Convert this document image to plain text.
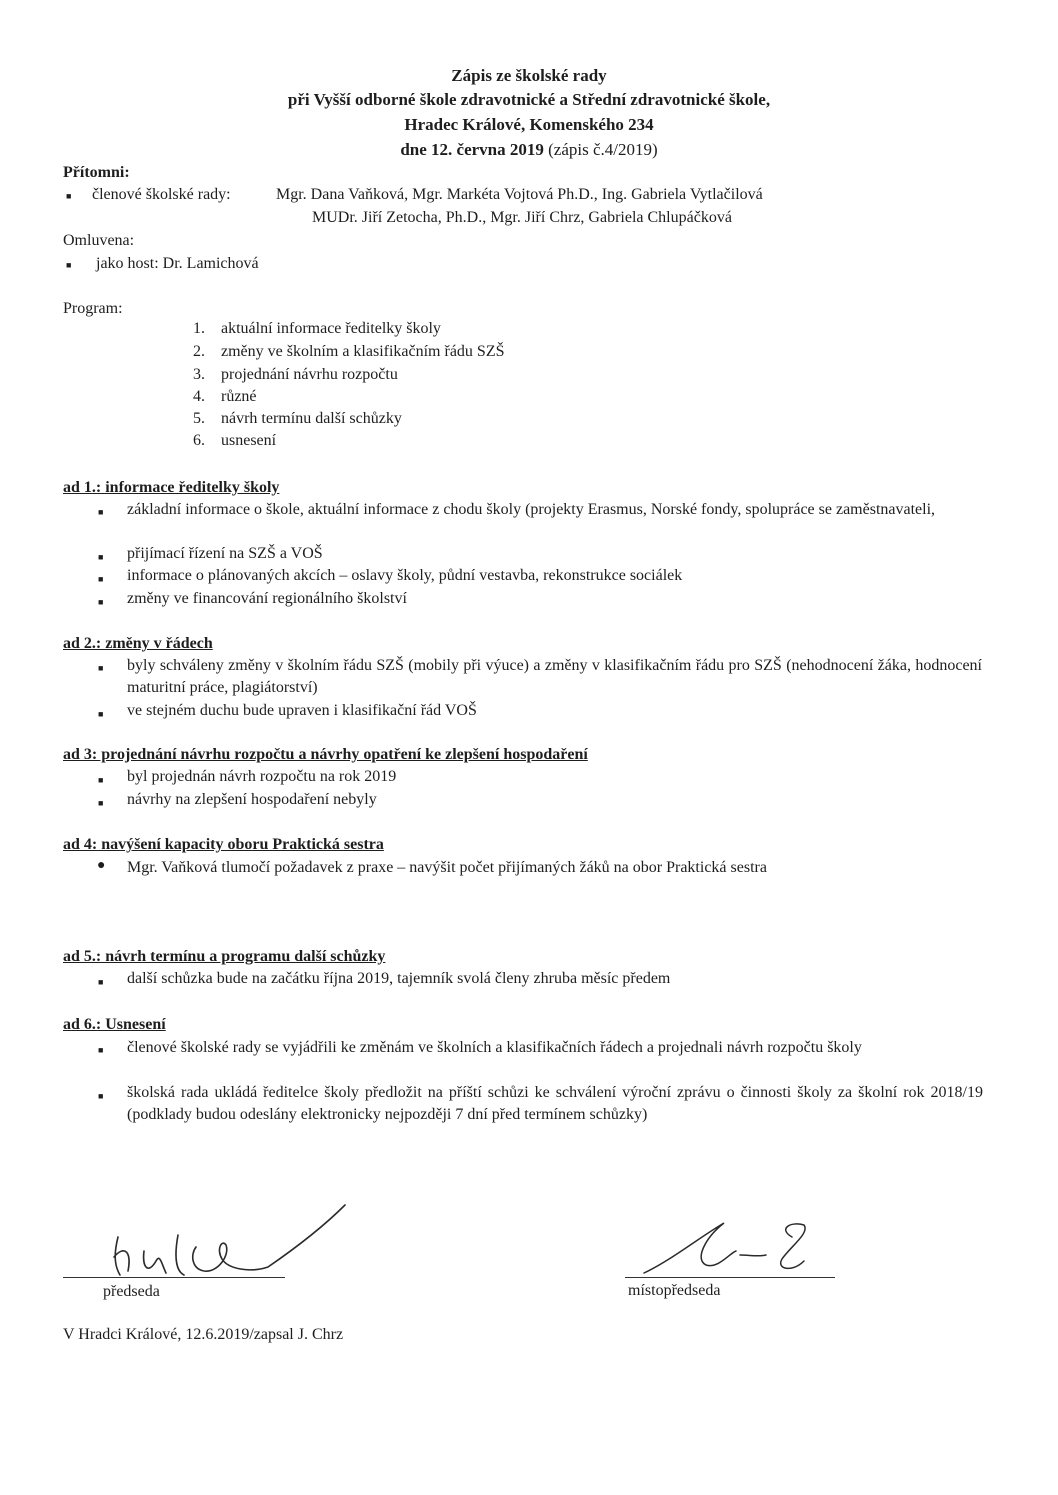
Zápis ze školské rady
při Vyšší odborné škole zdravotnické a Střední zdravotnické škole,
Hradec Králové, Komenského 234
dne 12. června 2019 (zápis č.4/2019)
Přítomni:
■ členové školské rady:	Mgr. Dana Vaňková, Mgr. Markéta Vojtová Ph.D., Ing. Gabriela Vytlačilová
MUDr. Jiří Zetocha, Ph.D., Mgr. Jiří Chrz, Gabriela Chlupáčková
Omluvena:
■ jako host: Dr. Lamichová
Program:
1. aktuální informace ředitelky školy
2. změny ve školním a klasifikačním řádu SZŠ
3. projednání návrhu rozpočtu
4. různé
5. návrh termínu další schůzky
6. usnesení
ad 1.: informace ředitelky školy
■ základní informace o škole, aktuální informace z chodu školy (projekty Erasmus, Norské fondy, spolupráce se zaměstnavateli,
■ přijímací řízení na SZŠ a VOŠ
■ informace o plánovaných akcích – oslavy školy, půdní vestavba, rekonstrukce sociálek
■ změny ve financování regionálního školství
ad 2.: změny v řádech
■ byly schváleny změny v školním řádu SZŠ (mobily při výuce) a změny v klasifikačním řádu pro SZŠ (nehodnocení žáka, hodnocení maturitní práce, plagiátorství)
■ ve stejném duchu bude upraven i klasifikační řád VOŠ
ad 3: projednání návrhu rozpočtu a návrhy opatření ke zlepšení hospodaření
■ byl projednán návrh rozpočtu na rok 2019
■ návrhy na zlepšení hospodaření nebyly
ad 4: navýšení kapacity oboru Praktická sestra
● Mgr. Vaňková tlumočí požadavek z praxe – navýšit počet přijímaných žáků na obor Praktická sestra
ad 5.: návrh termínu a programu další schůzky
■ další schůzka bude na začátku října 2019, tajemník svolá členy zhruba měsíc předem
ad 6.: Usnesení
■ členové školské rady se vyjádřili ke změnám ve školních a klasifikačních řádech a projednali návrh rozpočtu školy
■ školská rada ukládá ředitelce školy předložit na příští schůzi ke schválení výroční zprávu o činnosti školy za školní rok 2018/19 (podklady budou odeslány elektronicky nejpozději 7 dní před termínem schůzky)
předseda	místopředseda
V Hradci Králové, 12.6.2019/zapsal J. Chrz
